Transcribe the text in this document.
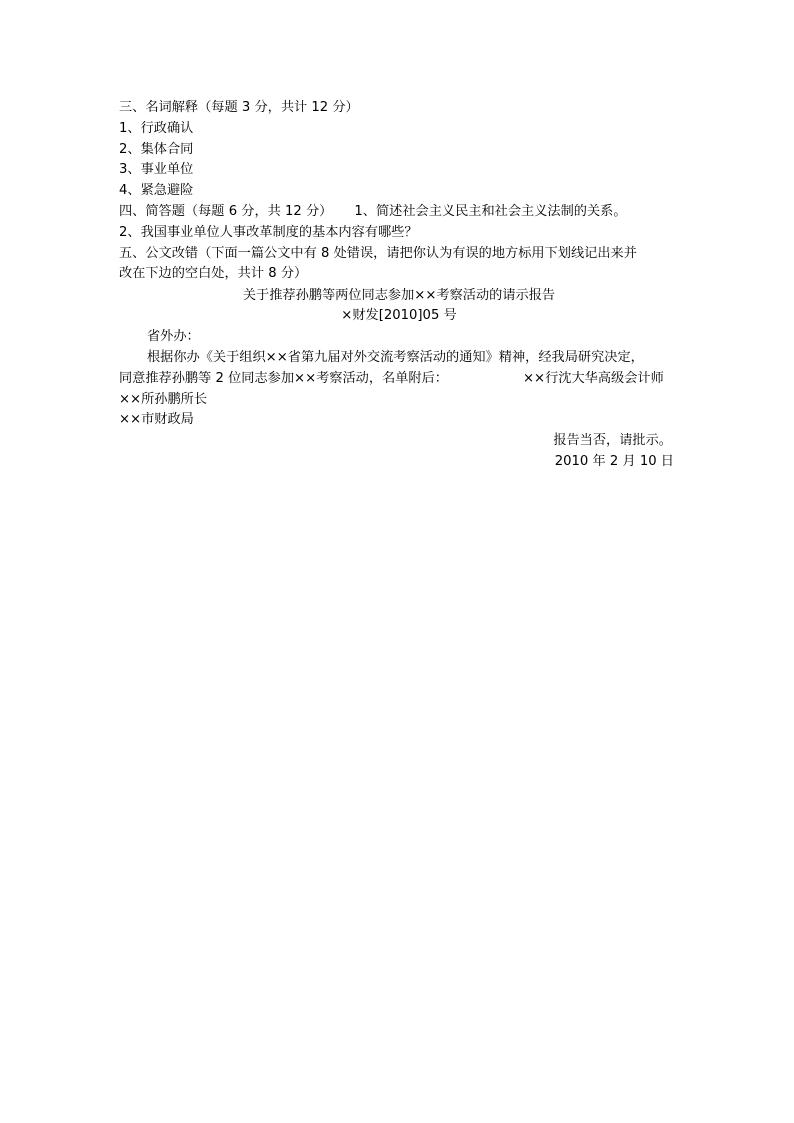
三、名词解释（每题 3 分，共计 12 分）
1、行政确认
2、集体合同
3、事业单位
4、紧急避险
四、简答题（每题 6 分，共 12 分） 1、简述社会主义民主和社会主义法制的关系。
2、我国事业单位人事改革制度的基本内容有哪些？
五、公文改错（下面一篇公文中有 8 处错误，请把你认为有误的地方标用下划线记出来并
改在下边的空白处，共计 8 分）
关于推荐孙鹏等两位同志参加××考察活动的请示报告
×财发[2010]05 号
省外办：
根据你办《关于组织××省第九届对外交流考察活动的通知》精神，经我局研究决定，
同意推荐孙鹏等 2 位同志参加××考察活动，名单附后：	××行沈大华高级会计师
××所孙鹏所长
××市财政局
报告当否，请批示。
2010 年 2 月 10 日
